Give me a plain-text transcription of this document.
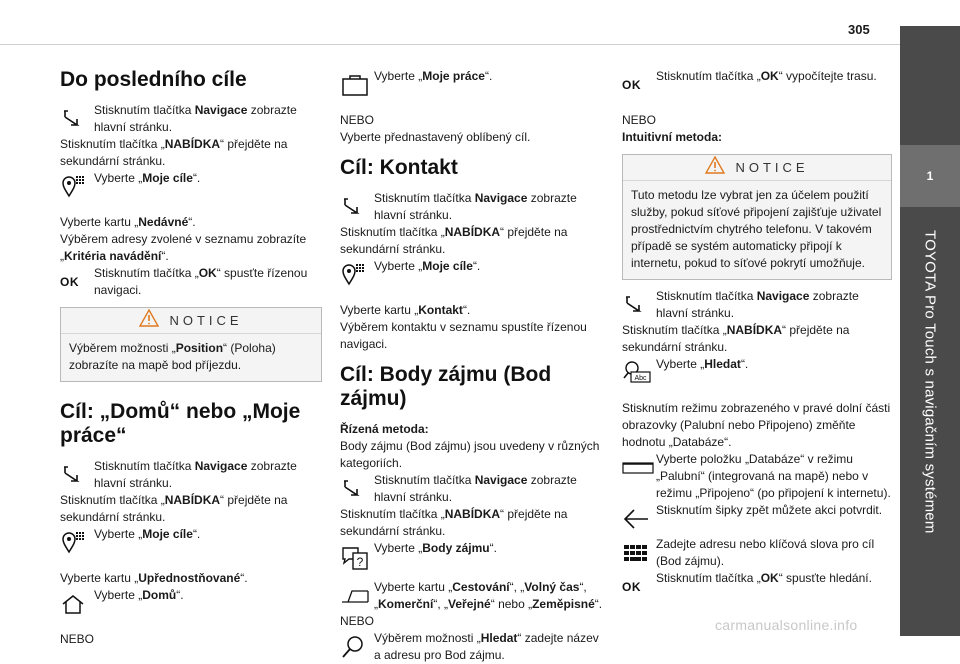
305
1
TOYOTA Pro Touch s navigačním systémem
Do posledního cíle
Stisknutím tlačítka Navigace zobrazte hlavní stránku.

Stisknutím tlačítka „NABÍDKA“ přejděte na sekundární stránku.

Vyberte „Moje cíle“.

Vyberte kartu „Nedávné“.

Výběrem adresy zvolené v seznamu zobrazíte „Kritéria navádění“.

OK
Stisknutím tlačítka „OK“ spusťte řízenou navigaci.
NOTICE
Výběrem možnosti „Position“ (Poloha) zobrazíte na mapě bod příjezdu.
Cíl: „Domů“ nebo „Moje práce“
Stisknutím tlačítka Navigace zobrazte hlavní stránku.

Stisknutím tlačítka „NABÍDKA“ přejděte na sekundární stránku.

Vyberte „Moje cíle“.

Vyberte kartu „Upřednostňované“.

Vyberte „Domů“.

NEBO

Vyberte „Moje práce“.

NEBO

Vyberte přednastavený oblíbený cíl.

Cíl: Kontakt
Stisknutím tlačítka Navigace zobrazte hlavní stránku.

Stisknutím tlačítka „NABÍDKA“ přejděte na sekundární stránku.

Vyberte „Moje cíle“.

Vyberte kartu „Kontakt“.

Výběrem kontaktu v seznamu spustíte řízenou navigaci.

Cíl: Body zájmu (Bod zájmu)

Řízená metoda:

Body zájmu (Bod zájmu) jsou uvedeny v různých kategoriích.

Stisknutím tlačítka Navigace zobrazte hlavní stránku.

Stisknutím tlačítka „NABÍDKA“ přejděte na sekundární stránku.

?
Vyberte „Body zájmu“.
Vyberte kartu „Cestování“, „Volný čas“, „Komerční“, „Veřejné“ nebo „Zeměpisné“.

NEBO

Výběrem možnosti „Hledat“ zadejte název a adresu pro Bod zájmu.
OK
Stisknutím tlačítka „OK“ vypočítejte trasu.

NEBO

Intuitivní metoda:

NOTICE
Tuto metodu lze vybrat jen za účelem použití služby, pokud síťové připojení zajišťuje uživatel prostřednictvím chytrého telefonu. V takovém případě se systém automaticky připojí k internetu, pokud to síťové pokrytí umožňuje.
Stisknutím tlačítka Navigace zobrazte hlavní stránku.

Stisknutím tlačítka „NABÍDKA“ přejděte na sekundární stránku.

Abc
Vyberte „Hledat“.

Stisknutím režimu zobrazeného v pravé dolní části obrazovky (Palubní nebo Připojeno) změňte hodnotu „Databáze“.

Vyberte položku „Databáze“ v režimu „Palubní“ (integrovaná na mapě) nebo v režimu „Připojeno“ (po připojení k internetu).
Stisknutím šipky zpět můžete akci potvrdit.
Zadejte adresu nebo klíčová slova pro cíl (Bod zájmu).
OK
Stisknutím tlačítka „OK“ spusťte hledání.
carmanualsonline.info
